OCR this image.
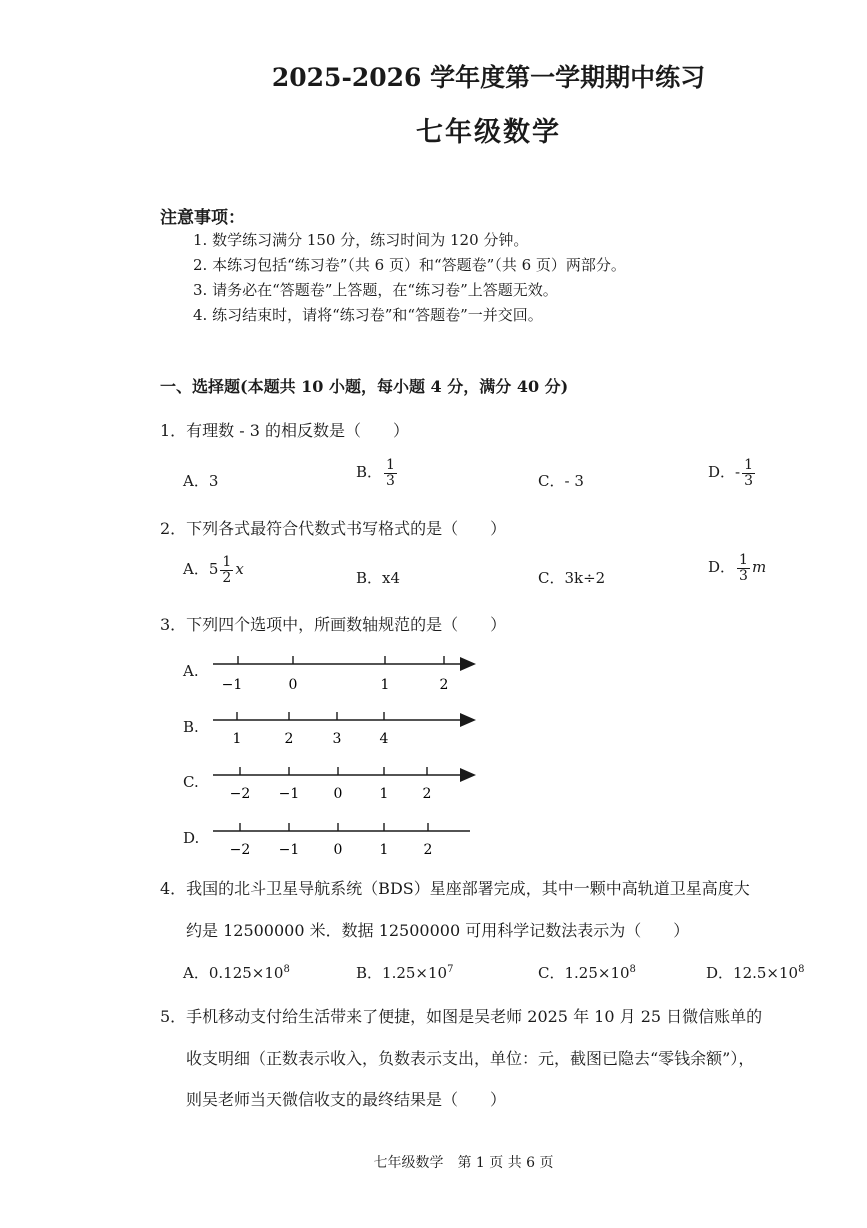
2025-2026 学年度第一学期期中练习
七年级数学
注意事项：
1. 数学练习满分 150 分，练习时间为 120 分钟。
2. 本练习包括“练习卷”（共 6 页）和“答题卷”（共 6 页）两部分。
3. 请务必在“答题卷”上答题，在“练习卷”上答题无效。
4. 练习结束时，请将“练习卷”和“答题卷”一并交回。
一、选择题(本题共 10 小题，每小题 4 分，满分 40 分)
1．有理数 - 3 的相反数是（　　）
A．3	B． $\frac{1}{3}$	C．- 3	D．- $\frac{1}{3}$
2．下列各式最符合代数式书写格式的是（　　）
A．$5 \frac{1}{2}$ x	B．x4	C．3k÷2
D． $\frac{1}{3}$ m
3．下列四个选项中，所画数轴规范的是（　　）
A.
B.
C.
D.
−1	0	1	2
1	2	3	4
−2 −1 0	1 2
−2 −1 0	1	2
4．我国的北斗卫星导航系统（BDS）星座部署完成，其中一颗中高轨道卫星高度大
约是 12500000 米．数据 12500000 可用科学记数法表示为（　　）
A．$0.125\times 10^8$	B．$1.25\times 10^7$	C．$1.25\times 10^8$	D．$12.5\times 10^8$
5．手机移动支付给生活带来了便捷，如图是吴老师 2025 年 10 月 25 日微信账单的
收支明细（正数表示收入，负数表示支出，单位：元，截图已隐去“零钱余额”），
则吴老师当天微信收支的最终结果是（　　）
七年级数学　第 1 页 共 6 页
